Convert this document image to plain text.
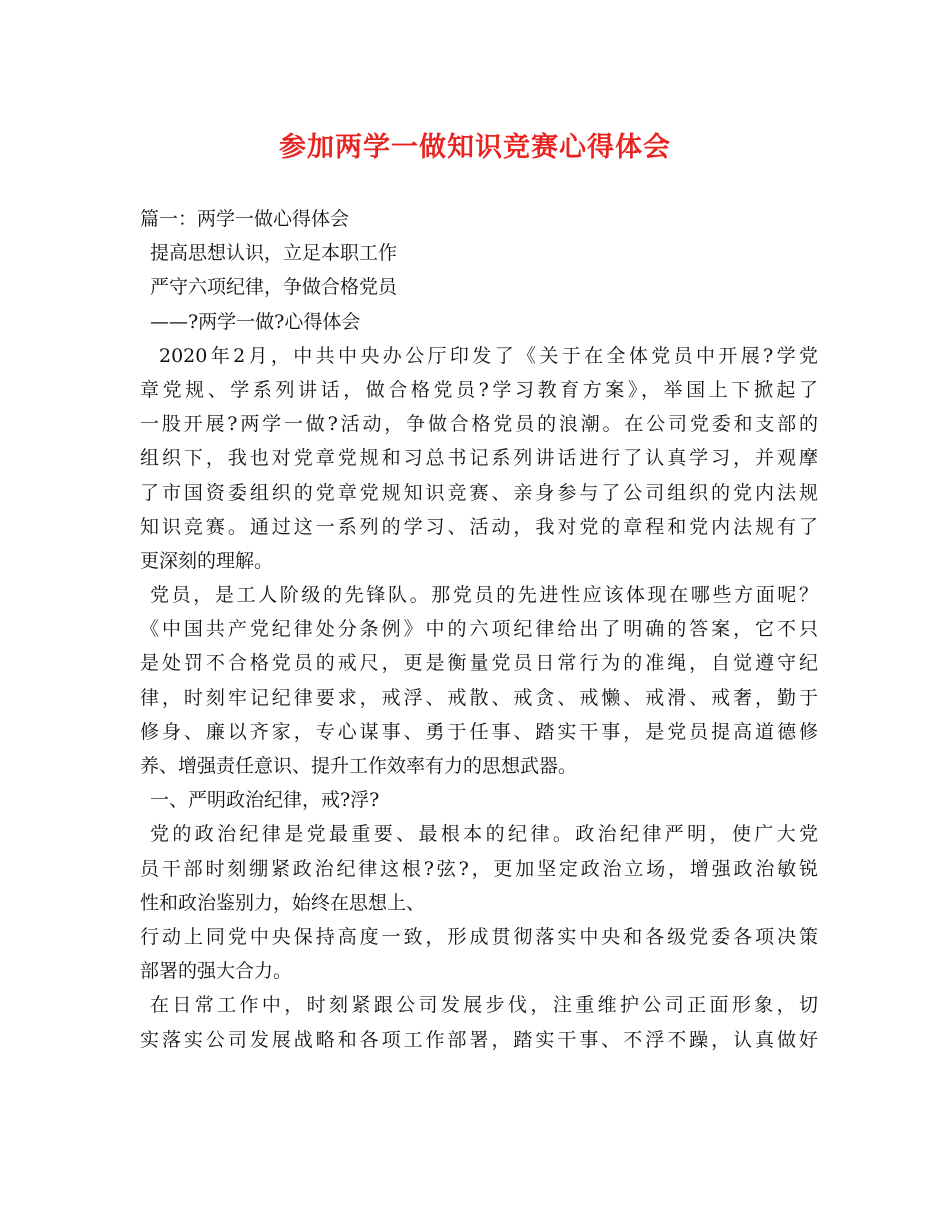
参加两学一做知识竞赛心得体会
篇一：两学一做心得体会
提高思想认识，立足本职工作
严守六项纪律，争做合格党员
——?两学一做?心得体会
2020年2月，中共中央办公厅印发了《关于在全体党员中开展?学党
章党规、学系列讲话，做合格党员?学习教育方案》，举国上下掀起了
一股开展?两学一做?活动，争做合格党员的浪潮。在公司党委和支部的
组织下，我也对党章党规和习总书记系列讲话进行了认真学习，并观摩
了市国资委组织的党章党规知识竞赛、亲身参与了公司组织的党内法规
知识竞赛。通过这一系列的学习、活动，我对党的章程和党内法规有了
更深刻的理解。
党员，是工人阶级的先锋队。那党员的先进性应该体现在哪些方面呢？
《中国共产党纪律处分条例》中的六项纪律给出了明确的答案，它不只
是处罚不合格党员的戒尺，更是衡量党员日常行为的准绳，自觉遵守纪
律，时刻牢记纪律要求，戒浮、戒散、戒贪、戒懒、戒滑、戒奢，勤于
修身、廉以齐家，专心谋事、勇于任事、踏实干事，是党员提高道德修
养、增强责任意识、提升工作效率有力的思想武器。
一、严明政治纪律，戒?浮?
党的政治纪律是党最重要、最根本的纪律。政治纪律严明，使广大党
员干部时刻绷紧政治纪律这根?弦?，更加坚定政治立场，增强政治敏锐
性和政治鉴别力，始终在思想上、
行动上同党中央保持高度一致，形成贯彻落实中央和各级党委各项决策
部署的强大合力。
在日常工作中，时刻紧跟公司发展步伐，注重维护公司正面形象，切
实落实公司发展战略和各项工作部署，踏实干事、不浮不躁，认真做好
